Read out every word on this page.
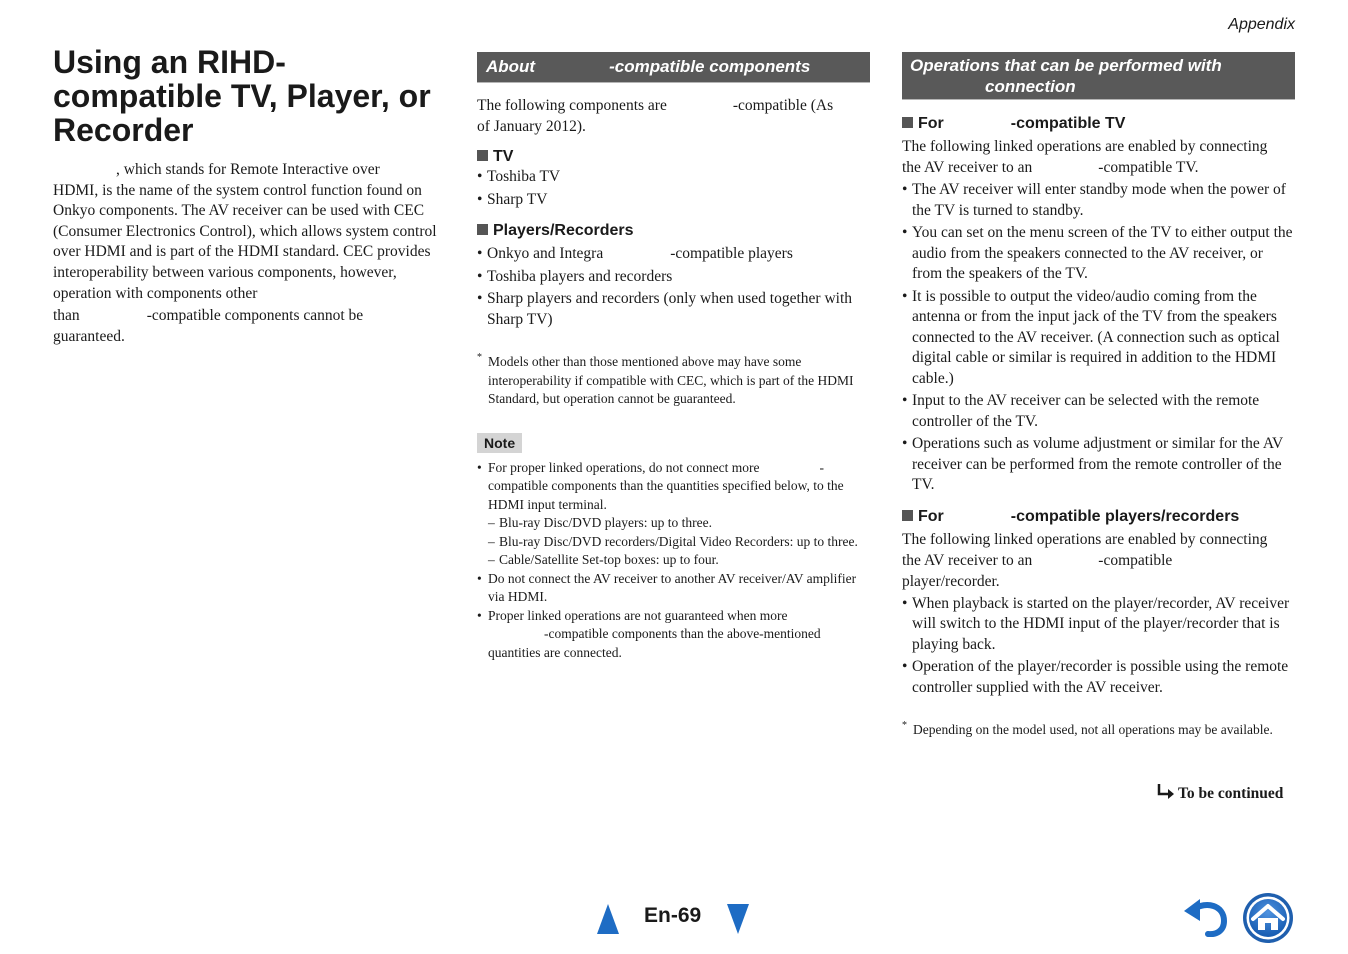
Appendix
Using an RIHD-compatible TV, Player, or Recorder
, which stands for Remote Interactive over
HDMI, is the name of the system control function found on Onkyo components. The AV receiver can be used with CEC (Consumer Electronics Control), which allows system control over HDMI and is part of the HDMI standard. CEC provides interoperability between various components, however, operation with components other
than	-compatible components cannot be
guaranteed.
About	-compatible components
The following components are	-compatible (As
of January 2012).
TV
• Toshiba TV
• Sharp TV
Players/Recorders
• Onkyo and Integra	-compatible players
• Toshiba players and recorders
• Sharp players and recorders (only when used together with Sharp TV)
* Models other than those mentioned above may have some interoperability if compatible with CEC, which is part of the HDMI Standard, but operation cannot be guaranteed.
Note
• For proper linked operations, do not connect more	- compatible components than the quantities specified below, to the HDMI input terminal.
– Blu-ray Disc/DVD players: up to three.
– Blu-ray Disc/DVD recorders/Digital Video Recorders: up to three.
– Cable/Satellite Set-top boxes: up to four.
• Do not connect the AV receiver to another AV receiver/AV amplifier via HDMI.
• Proper linked operations are not guaranteed when more
-compatible components than the above-mentioned quantities are connected.
Operations that can be performed with
connection
For	-compatible TV
The following linked operations are enabled by connecting
the AV receiver to an	-compatible TV.
• The AV receiver will enter standby mode when the power of the TV is turned to standby.
• You can set on the menu screen of the TV to either output the audio from the speakers connected to the AV receiver, or from the speakers of the TV.
• It is possible to output the video/audio coming from the antenna or from the input jack of the TV from the speakers connected to the AV receiver. (A connection such as optical digital cable or similar is required in addition to the HDMI cable.)
• Input to the AV receiver can be selected with the remote controller of the TV.
• Operations such as volume adjustment or similar for the AV receiver can be performed from the remote controller of the TV.
For	-compatible players/recorders
The following linked operations are enabled by connecting
the AV receiver to an	-compatible
player/recorder.
• When playback is started on the player/recorder, AV receiver will switch to the HDMI input of the player/recorder that is playing back.
• Operation of the player/recorder is possible using the remote controller supplied with the AV receiver.
* Depending on the model used, not all operations may be available.
To be continued
En-69
